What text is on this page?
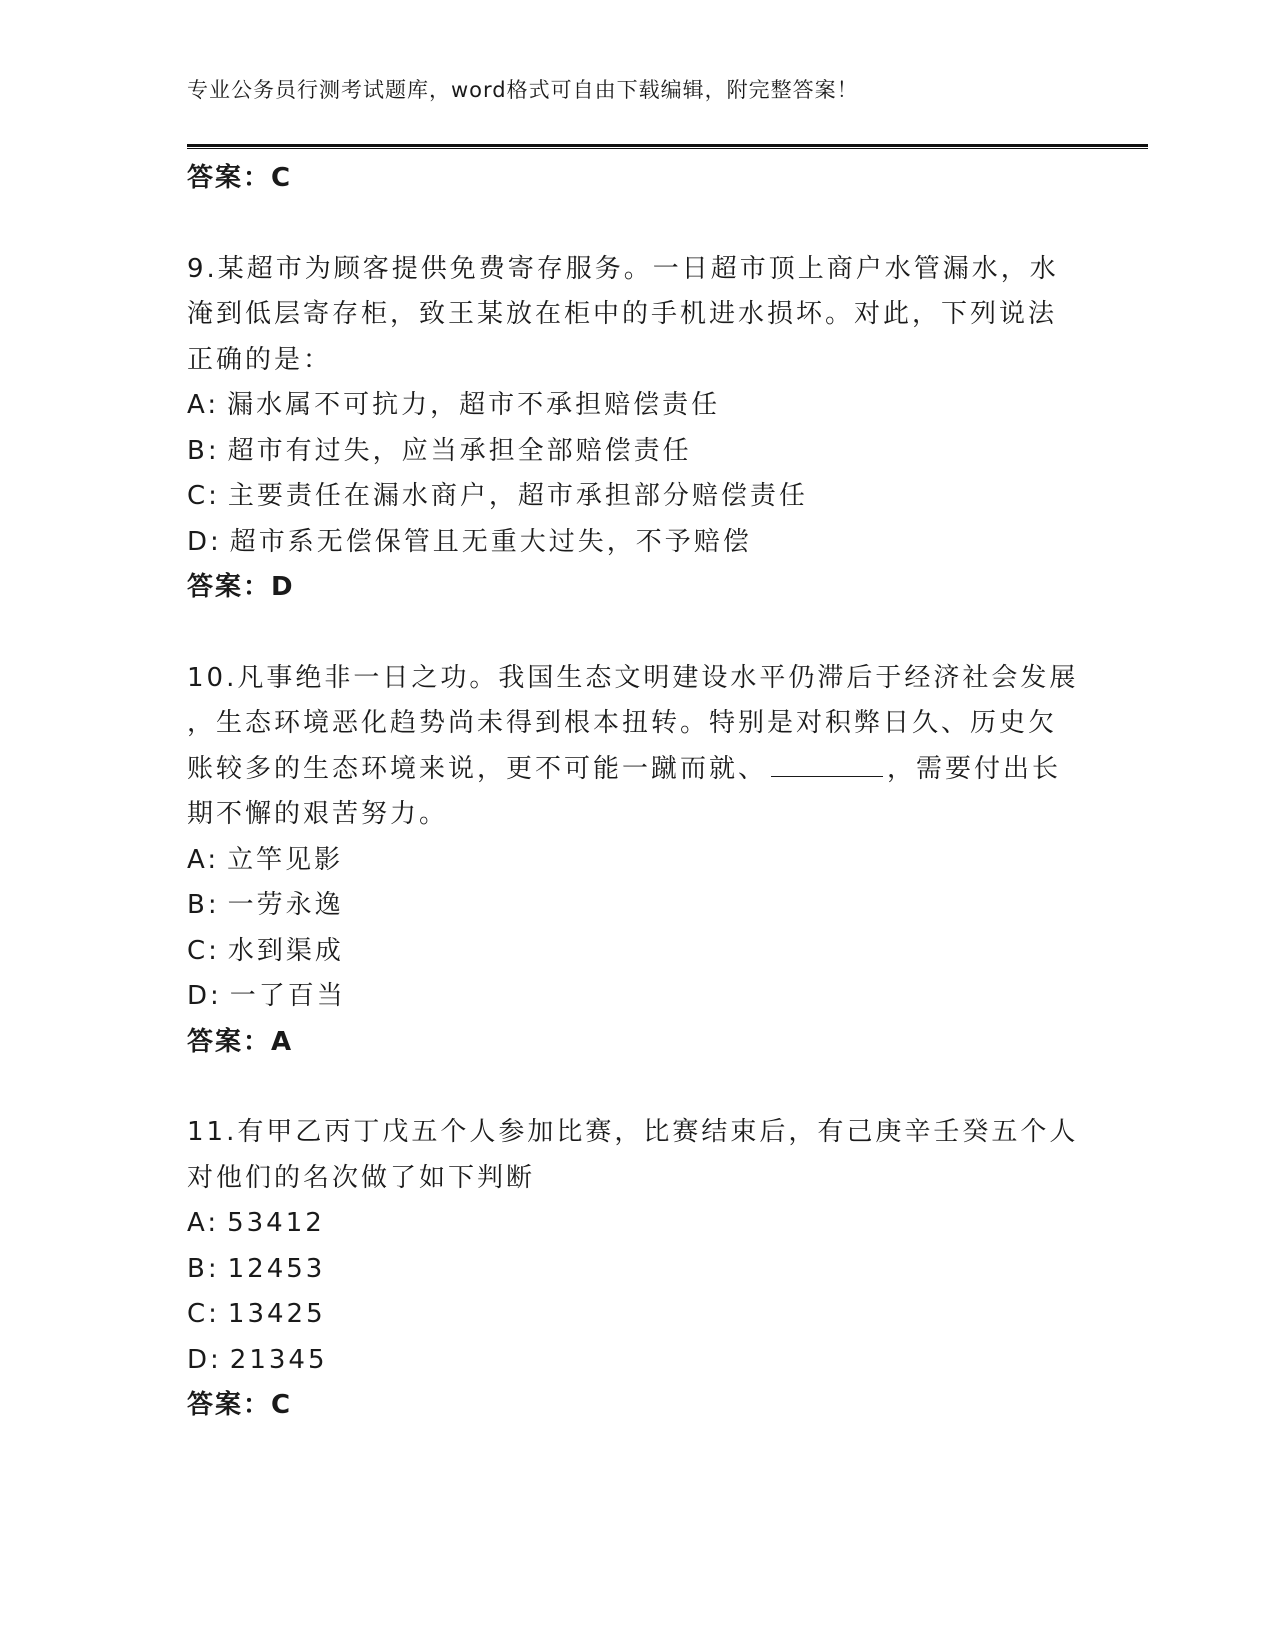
专业公务员行测考试题库，word格式可自由下载编辑，附完整答案！
答案：C
9.某超市为顾客提供免费寄存服务。一日超市顶上商户水管漏水，水
淹到低层寄存柜，致王某放在柜中的手机进水损坏。对此，下列说法
正确的是：
A: 漏水属不可抗力，超市不承担赔偿责任
B: 超市有过失，应当承担全部赔偿责任
C: 主要责任在漏水商户，超市承担部分赔偿责任
D: 超市系无偿保管且无重大过失，不予赔偿
答案：D
10.凡事绝非一日之功。我国生态文明建设水平仍滞后于经济社会发展
，生态环境恶化趋势尚未得到根本扭转。特别是对积弊日久、历史欠
账较多的生态环境来说，更不可能一蹴而就、	，需要付出长
期不懈的艰苦努力。
A: 立竿见影
B: 一劳永逸
C: 水到渠成
D: 一了百当
答案：A
11.有甲乙丙丁戊五个人参加比赛，比赛结束后，有己庚辛壬癸五个人
对他们的名次做了如下判断
A: 53412
B: 12453
C: 13425
D: 21345
答案：C
